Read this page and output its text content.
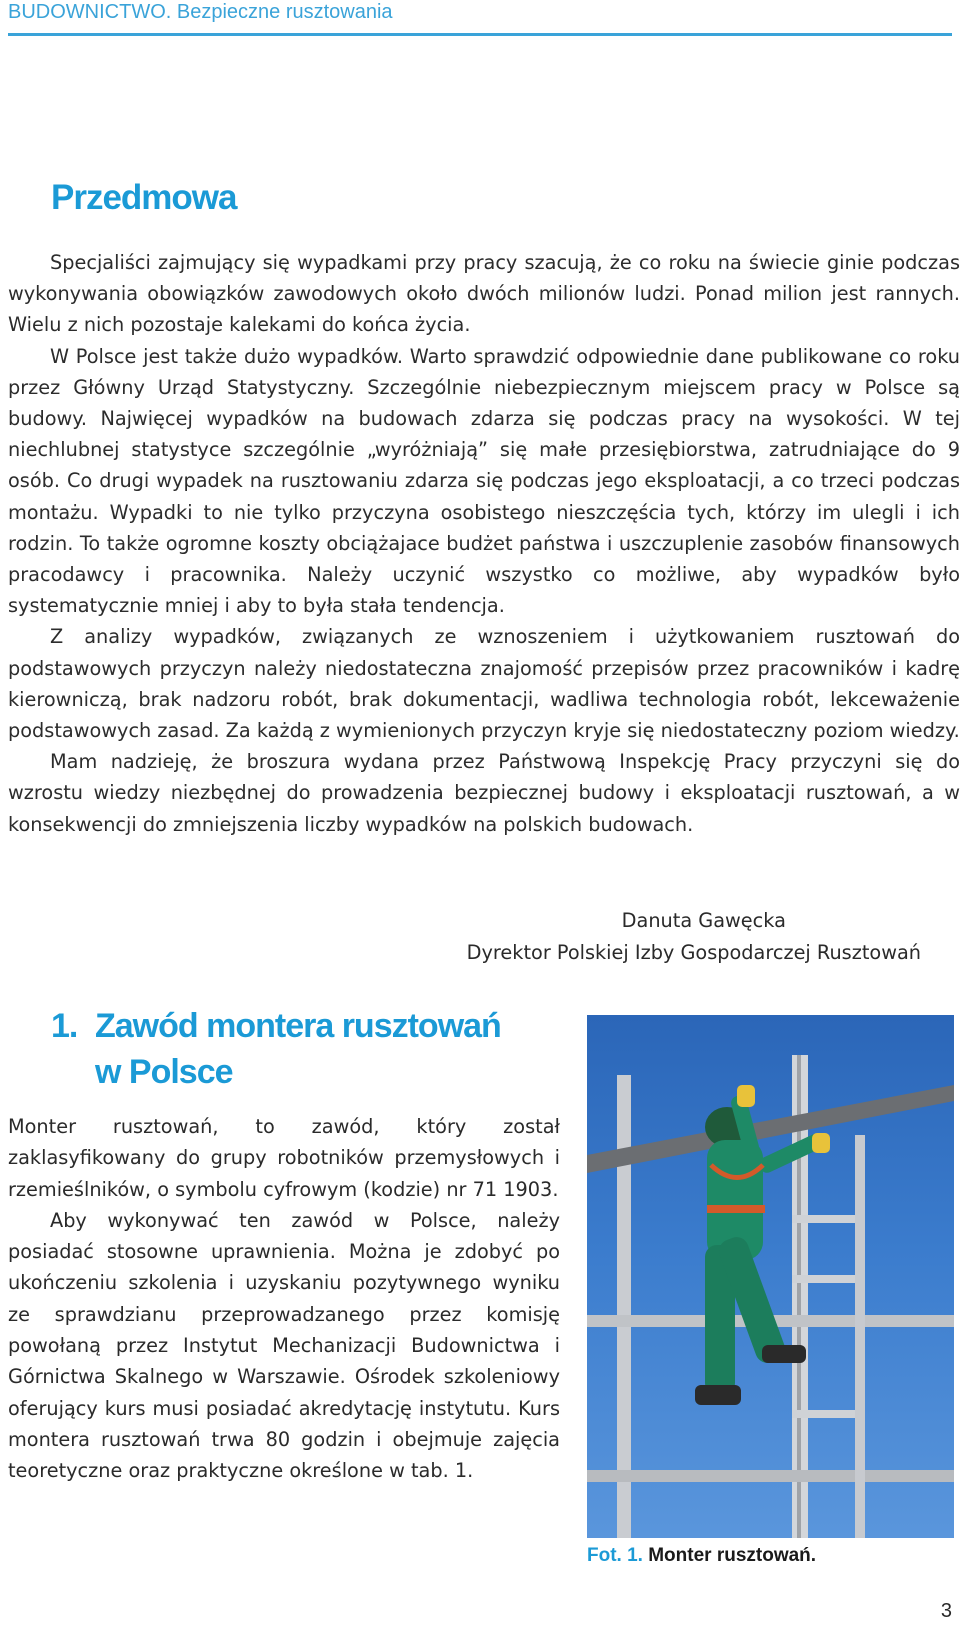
BUDOWNICTWO. Bezpieczne rusztowania
Przedmowa

Specjaliści zajmujący się wypadkami przy pracy szacują, że co roku na świecie ginie podczas wykonywania obowiązków zawodowych około dwóch milionów ludzi. Ponad milion jest rannych. Wielu z nich pozostaje kalekami do końca życia.

W Polsce jest także dużo wypadków. Warto sprawdzić odpowiednie dane publikowane co roku przez Główny Urząd Statystyczny. Szczególnie niebezpiecznym miejscem pracy w Polsce są budowy. Najwięcej wypadków na budowach zdarza się podczas pracy na wysokości. W tej niechlubnej statystyce szczególnie „wyróżniają” się małe przesiębiorstwa, zatrudniające do 9 osób. Co drugi wypadek na rusztowaniu zdarza się podczas jego eksploatacji, a co trzeci podczas montażu. Wypadki to nie tylko przyczyna osobistego nieszczęścia tych, którzy im ulegli i ich rodzin. To także ogromne koszty obciążajace budżet państwa i uszczuplenie zasobów finansowych pracodawcy i pracownika. Należy uczynić wszystko co możliwe, aby wypadków było systematycznie mniej i aby to była stała tendencja.

Z analizy wypadków, związanych ze wznoszeniem i użytkowaniem rusztowań do podstawowych przyczyn należy niedostateczna znajomość przepisów przez pracowników i kadrę kierowniczą, brak nadzoru robót, brak dokumentacji, wadliwa technologia robót, lekceważenie podstawowych zasad. Za każdą z wymienionych przyczyn kryje się niedostateczny poziom wiedzy.

Mam nadzieję, że broszura wydana przez Państwową Inspekcję Pracy przyczyni się do wzrostu wiedzy niezbędnej do prowadzenia bezpiecznej budowy i eksploatacji rusztowań, a w konsekwencji do zmniejszenia liczby wypadków na polskich budowach.

Danuta Gawęcka
Dyrektor Polskiej Izby Gospodarczej Rusztowań
1. Zawód montera rusztowań
w Polsce

Monter rusztowań, to zawód, który został zaklasyfikowany do grupy robotników przemysłowych i rzemieślników, o symbolu cyfrowym (kodzie) nr 71 1903.

Aby wykonywać ten zawód w Polsce, należy posiadać stosowne uprawnienia. Można je zdobyć po ukończeniu szkolenia i uzyskaniu pozytywnego wyniku ze sprawdzianu przeprowadzanego przez komisję powołaną przez Instytut Mechanizacji Budownictwa i Górnictwa Skalnego w Warszawie. Ośrodek szkoleniowy oferujący kurs musi posiadać akredytację instytutu. Kurs montera rusztowań trwa 80 godzin i obejmuje zajęcia teoretyczne oraz praktyczne określone w tab. 1.

Fot. 1. Monter rusztowań.
3
